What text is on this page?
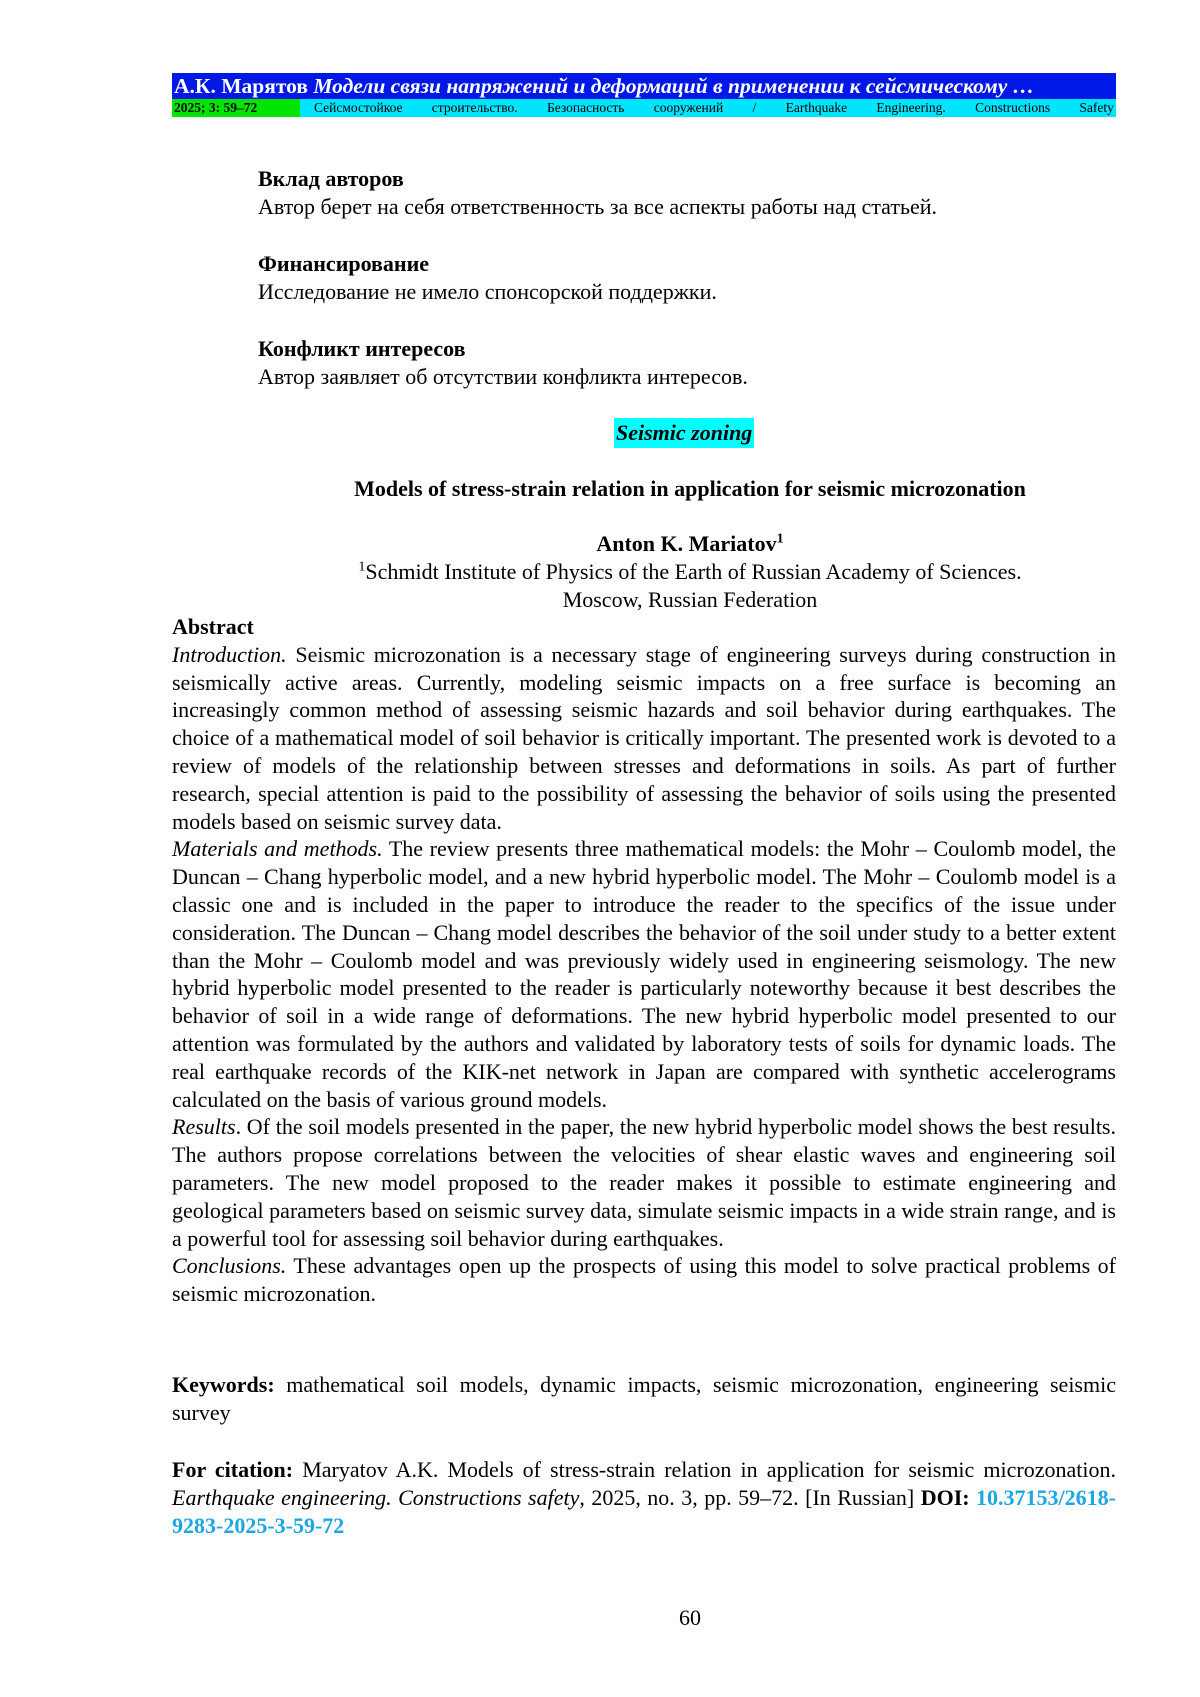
А.К. Марятов Модели связи напряжений и деформаций в применении к сейсмическому …
2025; 3: 59–72	Сейсмостойкое строительство. Безопасность сооружений / Earthquake Engineering. Constructions Safety
Вклад авторов
Автор берет на себя ответственность за все аспекты работы над статьей.
Финансирование
Исследование не имело спонсорской поддержки.
Конфликт интересов
Автор заявляет об отсутствии конфликта интересов.
Seismic zoning
Models of stress-strain relation in application for seismic microzonation
Anton K. Mariatov$^1$
$^1$Schmidt Institute of Physics of the Earth of Russian Academy of Sciences.
Moscow, Russian Federation

Abstract

Introduction. Seismic microzonation is a necessary stage of engineering surveys during construction in seismically active areas. Currently, modeling seismic impacts on a free surface is becoming an increasingly common method of assessing seismic hazards and soil behavior during earthquakes. The choice of a mathematical model of soil behavior is critically important. The presented work is devoted to a review of models of the relationship between stresses and deformations in soils. As part of further research, special attention is paid to the possibility of assessing the behavior of soils using the presented models based on seismic survey data.

Materials and methods. The review presents three mathematical models: the Mohr – Coulomb model, the Duncan – Chang hyperbolic model, and a new hybrid hyperbolic model. The Mohr – Coulomb model is a classic one and is included in the paper to introduce the reader to the specifics of the issue under consideration. The Duncan – Chang model describes the behavior of the soil under study to a better extent than the Mohr – Coulomb model and was previously widely used in engineering seismology. The new hybrid hyperbolic model presented to the reader is particularly noteworthy because it best describes the behavior of soil in a wide range of deformations. The new hybrid hyperbolic model presented to our attention was formulated by the authors and validated by laboratory tests of soils for dynamic loads. The real earthquake records of the KIK-net network in Japan are compared with synthetic accelerograms calculated on the basis of various ground models.

Results. Of the soil models presented in the paper, the new hybrid hyperbolic model shows the best results. The authors propose correlations between the velocities of shear elastic waves and engineering soil parameters. The new model proposed to the reader makes it possible to estimate engineering and geological parameters based on seismic survey data, simulate seismic impacts in a wide strain range, and is a powerful tool for assessing soil behavior during earthquakes.

Conclusions. These advantages open up the prospects of using this model to solve practical problems of seismic microzonation.

Keywords: mathematical soil models, dynamic impacts, seismic microzonation, engineering seismic survey

For citation: Maryatov A.K. Models of stress-strain relation in application for seismic microzonation. Earthquake engineering. Constructions safety, 2025, no. 3, pp. 59–72. [In Russian] DOI: 10.37153/2618-9283-2025-3-59-72

60
